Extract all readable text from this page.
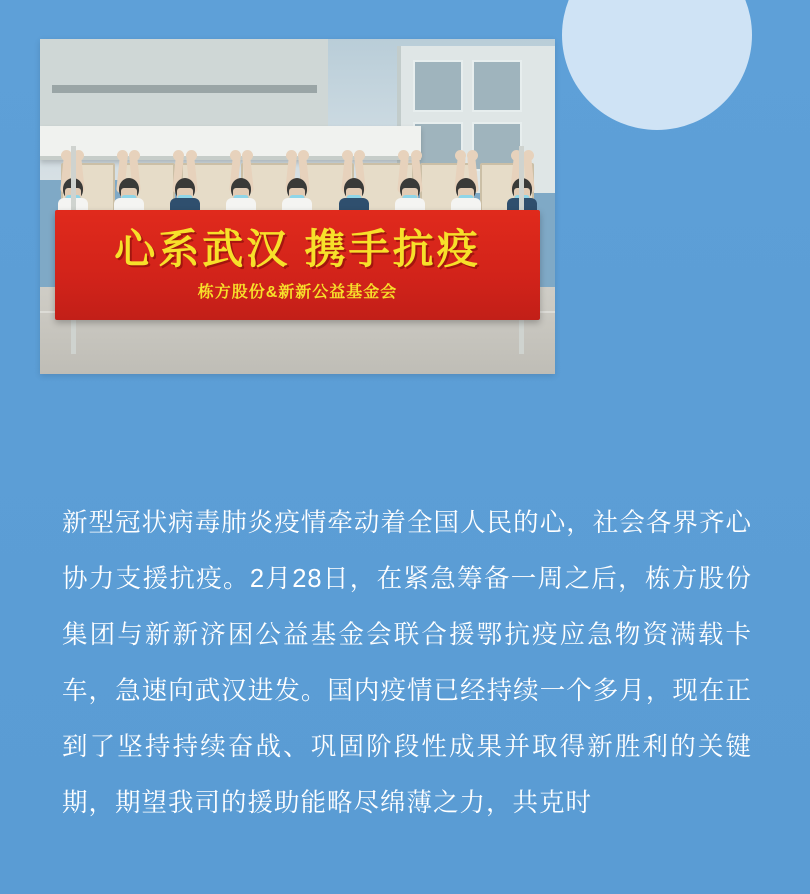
心系武汉 携手抗疫
栋方股份&新新公益基金会
新型冠状病毒肺炎疫情牵动着全国人民的心，社会各界齐心协力支援抗疫。2月28日，在紧急筹备一周之后，栋方股份集团与新新济困公益基金会联合援鄂抗疫应急物资满载卡车，急速向武汉进发。国内疫情已经持续一个多月，现在正到了坚持持续奋战、巩固阶段性成果并取得新胜利的关键期，期望我司的援助能略尽绵薄之力，共克时
